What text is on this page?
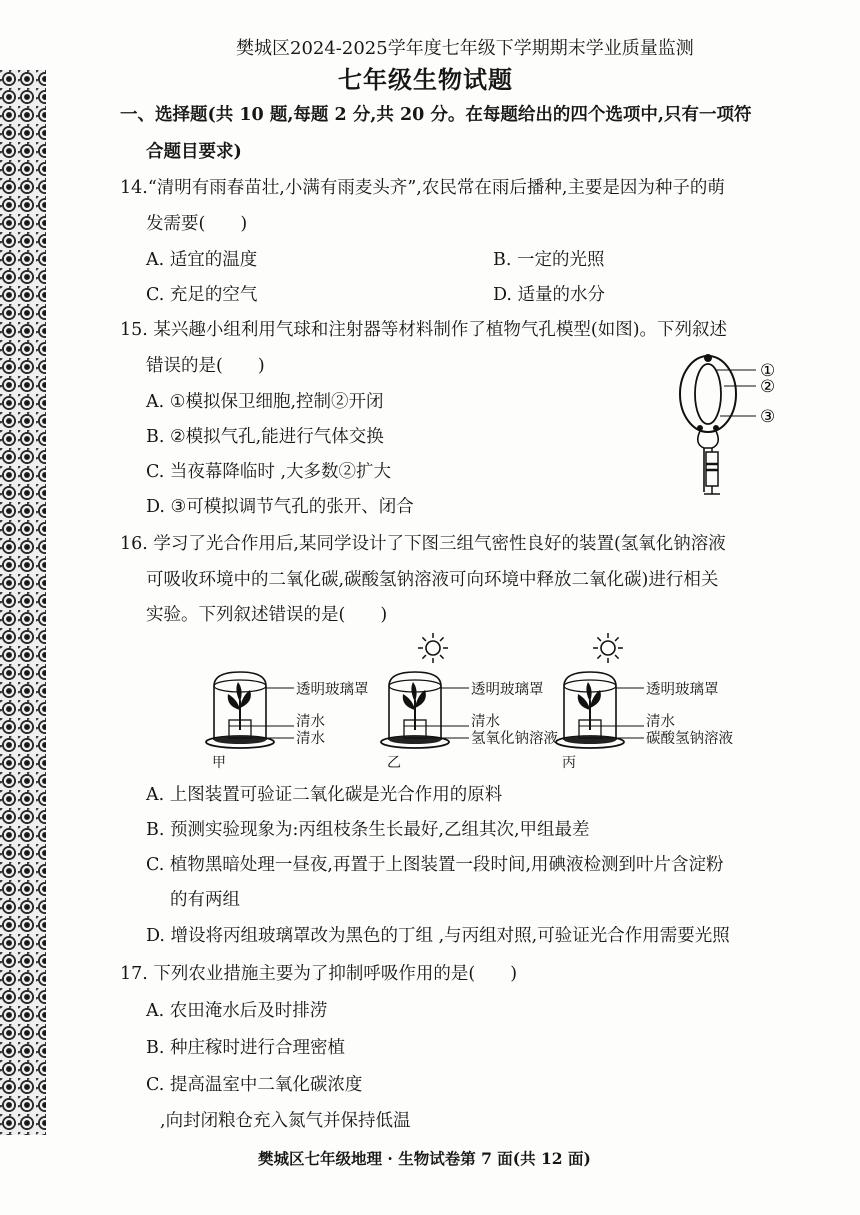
樊城区2024-2025学年度七年级下学期期末学业质量监测
七年级生物试题
一、选择题(共 10 题,每题 2 分,共 20 分。在每题给出的四个选项中,只有一项符
合题目要求)
14.“清明有雨春苗壮,小满有雨麦头齐”,农民常在雨后播种,主要是因为种子的萌
发需要(　　)
A. 适宜的温度	B. 一定的光照
C. 充足的空气	D. 适量的水分
15. 某兴趣小组利用气球和注射器等材料制作了植物气孔模型(如图)。下列叙述
错误的是(　　)
A. ①模拟保卫细胞,控制②开闭
B. ②模拟气孔,能进行气体交换
C. 当夜幕降临时 ,大多数②扩大
D. ③可模拟调节气孔的张开、闭合
①
②
③
16. 学习了光合作用后,某同学设计了下图三组气密性良好的装置(氢氧化钠溶液
可吸收环境中的二氧化碳,碳酸氢钠溶液可向环境中释放二氧化碳)进行相关
实验。下列叙述错误的是(　　)
透明玻璃罩
清水
清水
甲
透明玻璃罩
清水
氢氧化钠溶液
乙
透明玻璃罩
清水
碳酸氢钠溶液
丙
A. 上图装置可验证二氧化碳是光合作用的原料
B. 预测实验现象为:丙组枝条生长最好,乙组其次,甲组最差
C. 植物黑暗处理一昼夜,再置于上图装置一段时间,用碘液检测到叶片含淀粉
的有两组
D. 增设将丙组玻璃罩改为黑色的丁组 ,与丙组对照,可验证光合作用需要光照
17. 下列农业措施主要为了抑制呼吸作用的是(　　)
A. 农田淹水后及时排涝
B. 种庄稼时进行合理密植
C. 提高温室中二氧化碳浓度
,向封闭粮仓充入氮气并保持低温
樊城区七年级地理 · 生物试卷第 7 面(共 12 面)
